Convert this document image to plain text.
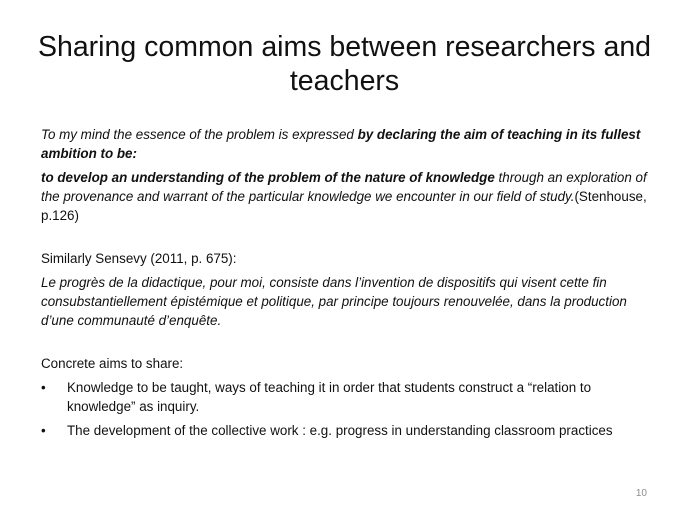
Sharing common aims between researchers and teachers

To my mind the essence of the problem is expressed by declaring the aim of teaching in its fullest ambition to be:

to develop an understanding of the problem of the nature of knowledge through an exploration of the provenance and warrant of the particular knowledge we encounter in our field of study.(Stenhouse, p.126)

Similarly Sensevy (2011, p. 675):

Le progrès de la didactique, pour moi, consiste dans l’invention de dispositifs qui visent cette fin consubstantiellement épistémique et politique, par principe toujours renouvelée, dans la production d’une communauté d’enquête.

Concrete aims to share:

•	Knowledge to be taught, ways of teaching it in order that students construct a “relation to knowledge” as inquiry.
•	The development of the collective work : e.g. progress in understanding classroom practices
10
